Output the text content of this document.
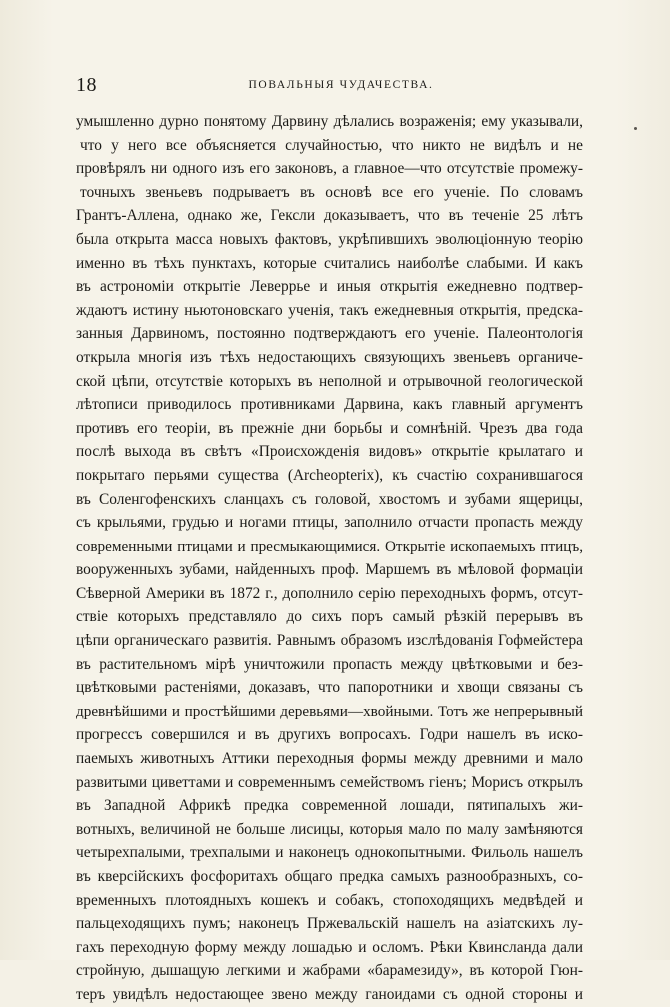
18	ПОВАЛЬНЫЯ ЧУДАЧЕСТВА.
умышленно дурно понятому Дарвину дѣлались возраженія; ему указывали,
что у него все объясняется случайностью, что никто не видѣлъ и не
провѣрялъ ни одного изъ его законовъ, а главное—что отсутствіе промежу-
точныхъ звеньевъ подрываетъ въ основѣ все его ученіе. По словамъ
Грантъ-Аллена, однако же, Гексли доказываетъ, что въ теченіе 25 лѣтъ
была открыта масса новыхъ фактовъ, укрѣпившихъ эволюціонную теорію
именно въ тѣхъ пунктахъ, которые считались наиболѣе слабыми. И какъ
въ астрономіи открытіе Леверрье и иныя открытія ежедневно подтвер-
ждаютъ истину ньютоновскаго ученія, такъ ежедневныя открытія, предска-
занныя Дарвиномъ, постоянно подтверждаютъ его ученіе. Палеонтологія
открыла многія изъ тѣхъ недостающихъ связующихъ звеньевъ органиче-
ской цѣпи, отсутствіе которыхъ въ неполной и отрывочной геологической
лѣтописи приводилось противниками Дарвина, какъ главный аргументъ
противъ его теоріи, въ прежніе дни борьбы и сомнѣній. Чрезъ два года
послѣ выхода въ свѣтъ «Происхожденія видовъ» открытіе крылатаго и
покрытаго перьями существа (Archeopterix), къ счастію сохранившагося
въ Соленгофенскихъ сланцахъ съ головой, хвостомъ и зубами ящерицы,
съ крыльями, грудью и ногами птицы, заполнило отчасти пропасть между
современными птицами и пресмыкающимися. Открытіе ископаемыхъ птицъ,
вооруженныхъ зубами, найденныхъ проф. Маршемъ въ мѣловой формаціи
Сѣверной Америки въ 1872 г., дополнило серію переходныхъ формъ, отсут-
ствіе которыхъ представляло до сихъ поръ самый рѣзкій перерывъ въ
цѣпи органическаго развитія. Равнымъ образомъ изслѣдованія Гофмейстера
въ растительномъ мірѣ уничтожили пропасть между цвѣтковыми и без-
цвѣтковыми растеніями, доказавъ, что папоротники и хвощи связаны съ
древнѣйшими и простѣйшими деревьями—хвойными. Тотъ же непрерывный
прогрессъ совершился и въ другихъ вопросахъ. Годри нашелъ въ иско-
паемыхъ животныхъ Аттики переходныя формы между древними и мало
развитыми циветтами и современнымъ семействомъ гіенъ; Морисъ открылъ
въ Западной Африкѣ предка современной лошади, пятипалыхъ жи-
вотныхъ, величиной не больше лисицы, которыя мало по малу замѣняются
четырехпалыми, трехпалыми и наконецъ однокопытными. Фильоль нашелъ
въ кверсійскихъ фосфоритахъ общаго предка самыхъ разнообразныхъ, со-
временныхъ плотоядныхъ кошекъ и собакъ, стопоходящихъ медвѣдей и
пальцеходящихъ пумъ; наконецъ Пржевальскій нашелъ на азіатскихъ лу-
гахъ переходную форму между лошадью и осломъ. Рѣки Квинсланда дали
стройную, дышащую легкими и жабрами «барамезиду», въ которой Гюн-
теръ увидѣлъ недостающее звено между ганоидами съ одной стороны и
